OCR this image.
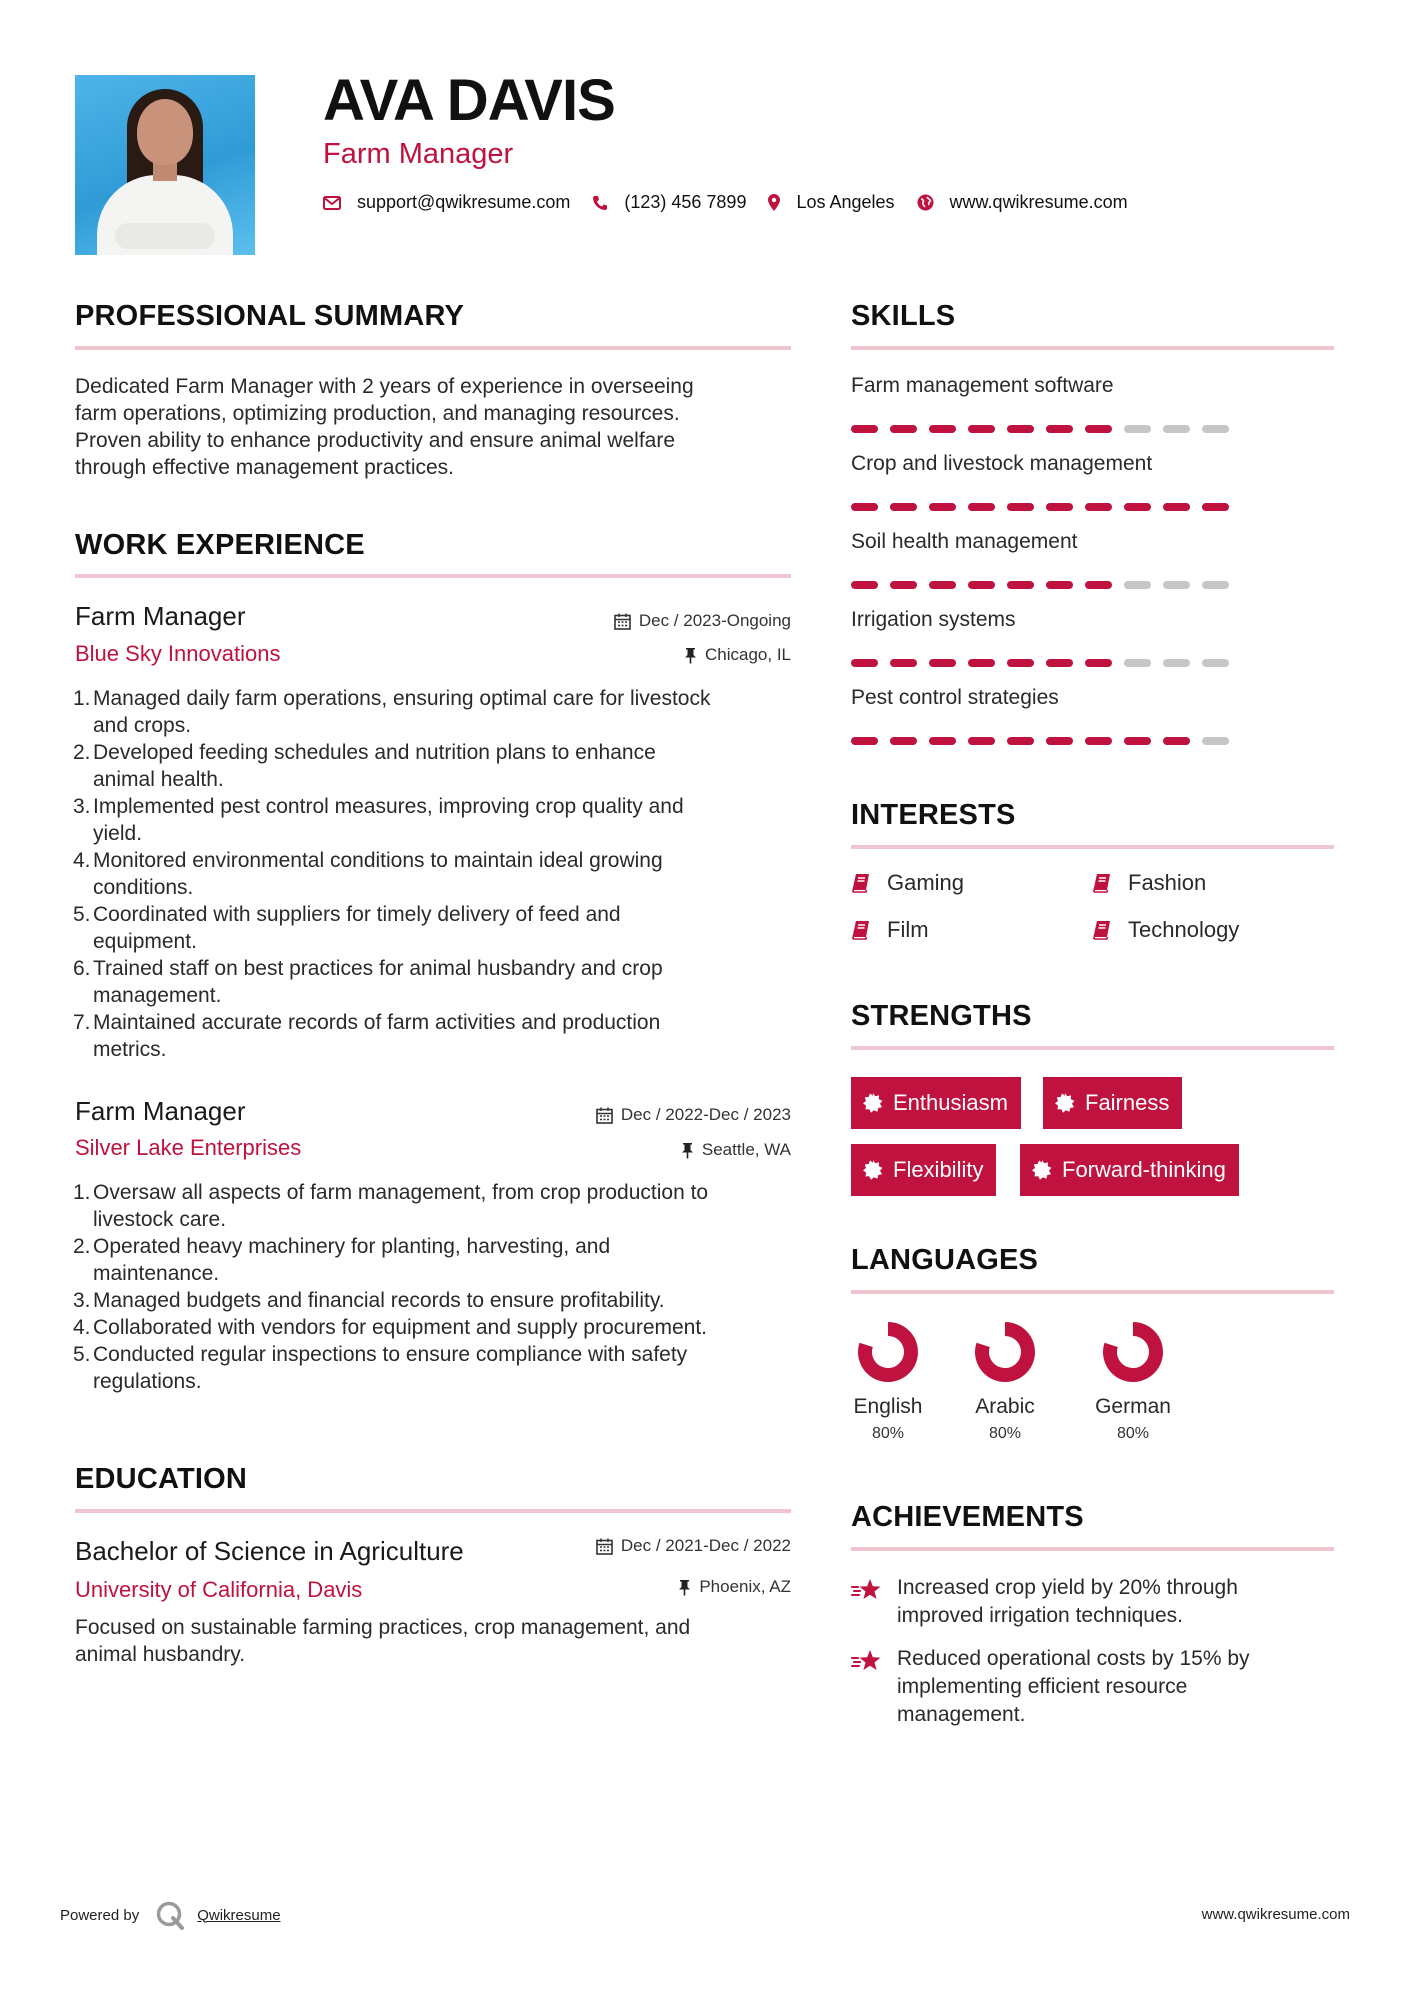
AVA DAVIS
Farm Manager
support@qwikresume.com	(123) 456 7899	Los Angeles	www.qwikresume.com
PROFESSIONAL SUMMARY
Dedicated Farm Manager with 2 years of experience in overseeing
farm operations, optimizing production, and managing resources.
Proven ability to enhance productivity and ensure animal welfare
through effective management practices.
WORK EXPERIENCE
Farm Manager
Blue Sky Innovations
Dec / 2023-Ongoing
Chicago, IL
1. Managed daily farm operations, ensuring optimal care for livestock
and crops.
2. Developed feeding schedules and nutrition plans to enhance
animal health.
3. Implemented pest control measures, improving crop quality and
yield.
4. Monitored environmental conditions to maintain ideal growing
conditions.
5. Coordinated with suppliers for timely delivery of feed and
equipment.
6. Trained staff on best practices for animal husbandry and crop
management.
7. Maintained accurate records of farm activities and production
metrics.
Farm Manager
Silver Lake Enterprises
Dec / 2022-Dec / 2023
Seattle, WA
1. Oversaw all aspects of farm management, from crop production to
livestock care.
2. Operated heavy machinery for planting, harvesting, and
maintenance.
3. Managed budgets and financial records to ensure profitability.
4. Collaborated with vendors for equipment and supply procurement.
5. Conducted regular inspections to ensure compliance with safety
regulations.
EDUCATION
Bachelor of Science in Agriculture
University of California, Davis
Dec / 2021-Dec / 2022
Phoenix, AZ
Focused on sustainable farming practices, crop management, and
animal husbandry.
SKILLS
Farm management software
Crop and livestock management
Soil health management
Irrigation systems
Pest control strategies
INTERESTS
Gaming	Fashion
Film	Technology
STRENGTHS
Enthusiasm	Fairness
Flexibility	Forward-thinking
LANGUAGES
English
80%
Arabic
80%
German
80%
ACHIEVEMENTS
Increased crop yield by 20% through
improved irrigation techniques.
Reduced operational costs by 15% by
implementing efficient resource
management.
Powered by	Qwikresume	www.qwikresume.com
